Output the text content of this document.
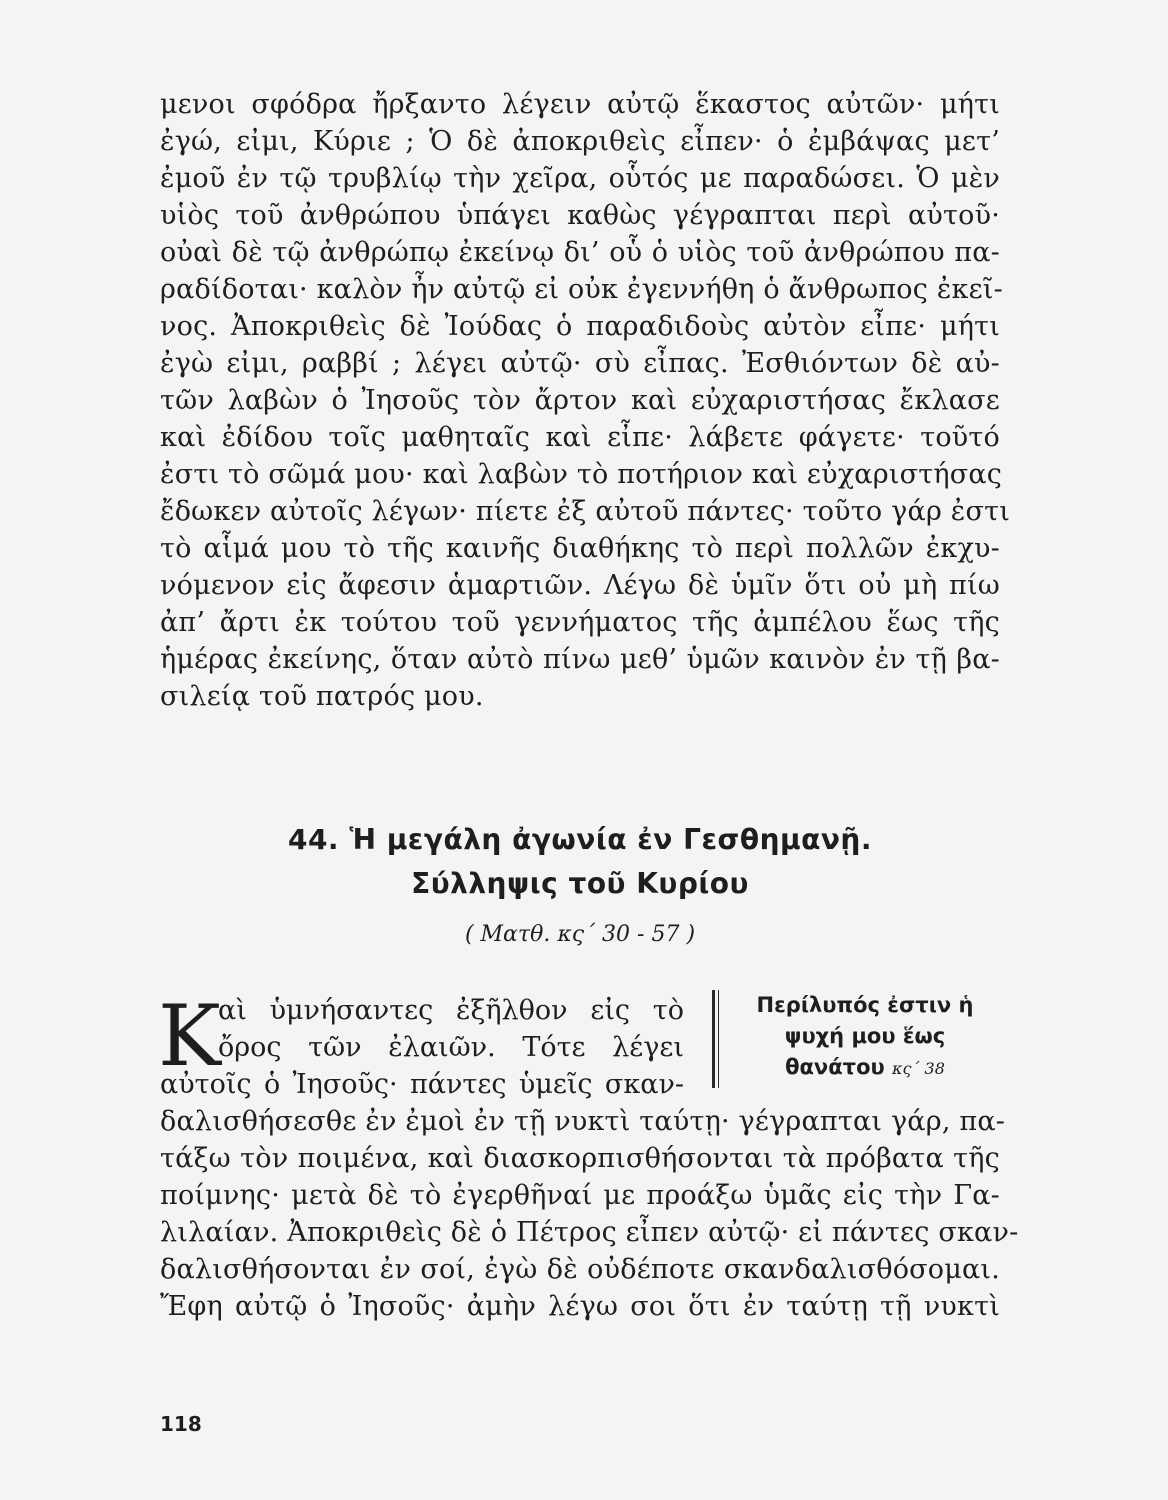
μενοι σφόδρα ἤρξαντο λέγειν αὐτῷ ἕκαστος αὐτῶν· μήτι
ἐγώ, εἰμι, Κύριε ; Ὁ δὲ ἀποκριθεὶς εἶπεν· ὁ ἐμβάψας μετ’
ἐμοῦ ἐν τῷ τρυβλίῳ τὴν χεῖρα, οὗτός με παραδώσει. Ὁ μὲν
υἱὸς τοῦ ἀνθρώπου ὑπάγει καθὼς γέγραπται περὶ αὐτοῦ·
οὐαὶ δὲ τῷ ἀνθρώπῳ ἐκείνῳ δι’ οὗ ὁ υἱὸς τοῦ ἀνθρώπου πα-
ραδίδοται· καλὸν ἦν αὐτῷ εἰ οὐκ ἐγεννήθη ὁ ἄνθρωπος ἐκεῖ-
νος. Ἀποκριθεὶς δὲ Ἰούδας ὁ παραδιδοὺς αὐτὸν εἶπε· μήτι
ἐγὼ εἰμι, ραββί ; λέγει αὐτῷ· σὺ εἶπας. Ἐσθιόντων δὲ αὐ-
τῶν λαβὼν ὁ Ἰησοῦς τὸν ἄρτον καὶ εὐχαριστήσας ἔκλασε
καὶ ἐδίδου τοῖς μαθηταῖς καὶ εἶπε· λάβετε φάγετε· τοῦτό
ἐστι τὸ σῶμά μου· καὶ λαβὼν τὸ ποτήριον καὶ εὐχαριστήσας
ἔδωκεν αὐτοῖς λέγων· πίετε ἐξ αὐτοῦ πάντες· τοῦτο γάρ ἐστι
τὸ αἷμά μου τὸ τῆς καινῆς διαθήκης τὸ περὶ πολλῶν ἐκχυ-
νόμενον εἰς ἄφεσιν ἁμαρτιῶν. Λέγω δὲ ὑμῖν ὅτι οὐ μὴ πίω
ἀπ’ ἄρτι ἐκ τούτου τοῦ γεννήματος τῆς ἀμπέλου ἕως τῆς
ἡμέρας ἐκείνης, ὅταν αὐτὸ πίνω μεθ’ ὑμῶν καινὸν ἐν τῇ βα-
σιλείᾳ τοῦ πατρός μου.
44. Ἡ μεγάλη ἀγωνία ἐν Γεσθημανῇ.
Σύλληψις τοῦ Κυρίου
( Ματθ. κς΄ 30 - 57 )
Κ
αὶ ὑμνήσαντες ἐξῆλθον εἰς τὸ
ὄρος τῶν ἐλαιῶν. Τότε λέγει
αὐτοῖς ὁ Ἰησοῦς· πάντες ὑμεῖς σκαν-
Περίλυπός ἐστιν ἡ
ψυχή μου ἕως
θανάτου κς΄ 38
δαλισθήσεσθε ἐν ἐμοὶ ἐν τῇ νυκτὶ ταύτῃ· γέγραπται γάρ, πα-
τάξω τὸν ποιμένα, καὶ διασκορπισθήσονται τὰ πρόβατα τῆς
ποίμνης· μετὰ δὲ τὸ ἐγερθῆναί με προάξω ὑμᾶς εἰς τὴν Γα-
λιλαίαν. Ἀποκριθεὶς δὲ ὁ Πέτρος εἶπεν αὐτῷ· εἰ πάντες σκαν-
δαλισθήσονται ἐν σοί, ἐγὼ δὲ οὐδέποτε σκανδαλισθόσομαι.
Ἔφη αὐτῷ ὁ Ἰησοῦς· ἀμὴν λέγω σοι ὅτι ἐν ταύτῃ τῇ νυκτὶ
118
